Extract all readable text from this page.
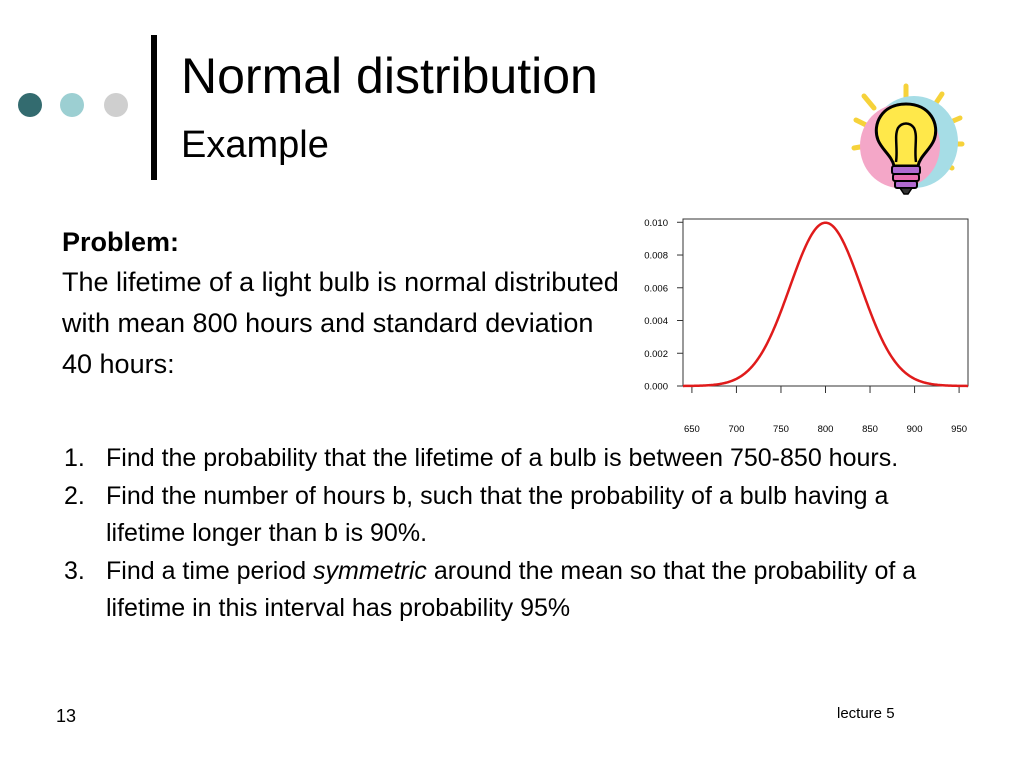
Normal distribution
Example
Problem:
The lifetime of a light bulb is normal distributed with mean 800 hours and standard deviation 40 hours:
0.000
0.002
0.004
0.006
0.008
0.010
650	700	750	800	850	900	950
1. Find the probability that the lifetime of a bulb is between 750-850 hours.
2. Find the number of hours b, such that the probability of a bulb having a lifetime longer than b is 90%.
3. Find a time period symmetric around the mean so that the probability of a lifetime in this interval has probability 95%
13	lecture 5
